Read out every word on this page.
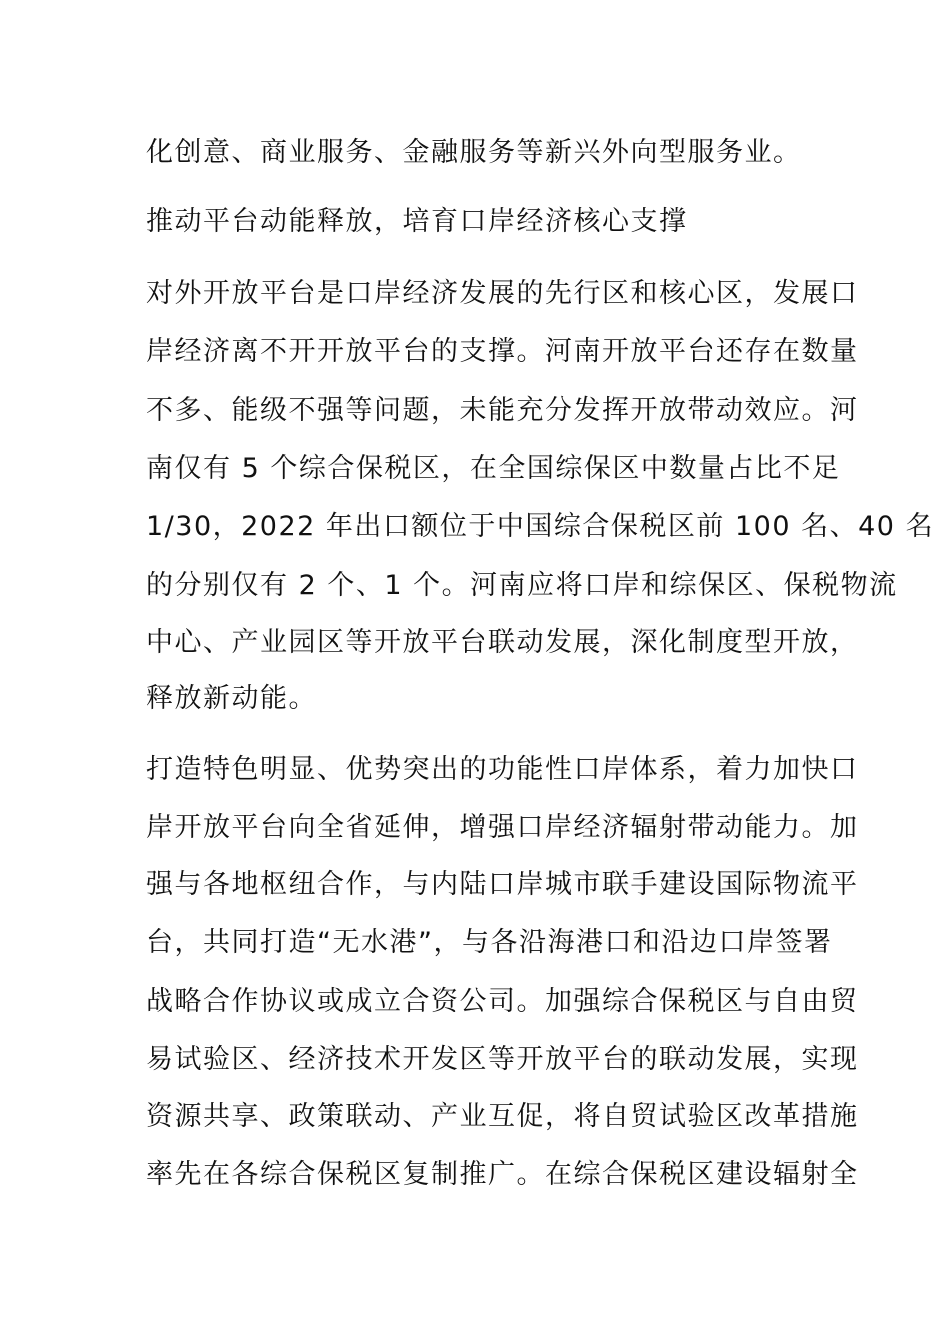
化创意、商业服务、金融服务等新兴外向型服务业。
推动平台动能释放，培育口岸经济核心支撑
对外开放平台是口岸经济发展的先行区和核心区，发展口
岸经济离不开开放平台的支撑。河南开放平台还存在数量
不多、能级不强等问题，未能充分发挥开放带动效应。河
南仅有 5 个综合保税区，在全国综保区中数量占比不足
1/30，2022 年出口额位于中国综合保税区前 100 名、40 名
的分别仅有 2 个、1 个。河南应将口岸和综保区、保税物流
中心、产业园区等开放平台联动发展，深化制度型开放，
释放新动能。
打造特色明显、优势突出的功能性口岸体系，着力加快口
岸开放平台向全省延伸，增强口岸经济辐射带动能力。加
强与各地枢纽合作，与内陆口岸城市联手建设国际物流平
台，共同打造“无水港”，与各沿海港口和沿边口岸签署
战略合作协议或成立合资公司。加强综合保税区与自由贸
易试验区、经济技术开发区等开放平台的联动发展，实现
资源共享、政策联动、产业互促，将自贸试验区改革措施
率先在各综合保税区复制推广。在综合保税区建设辐射全
